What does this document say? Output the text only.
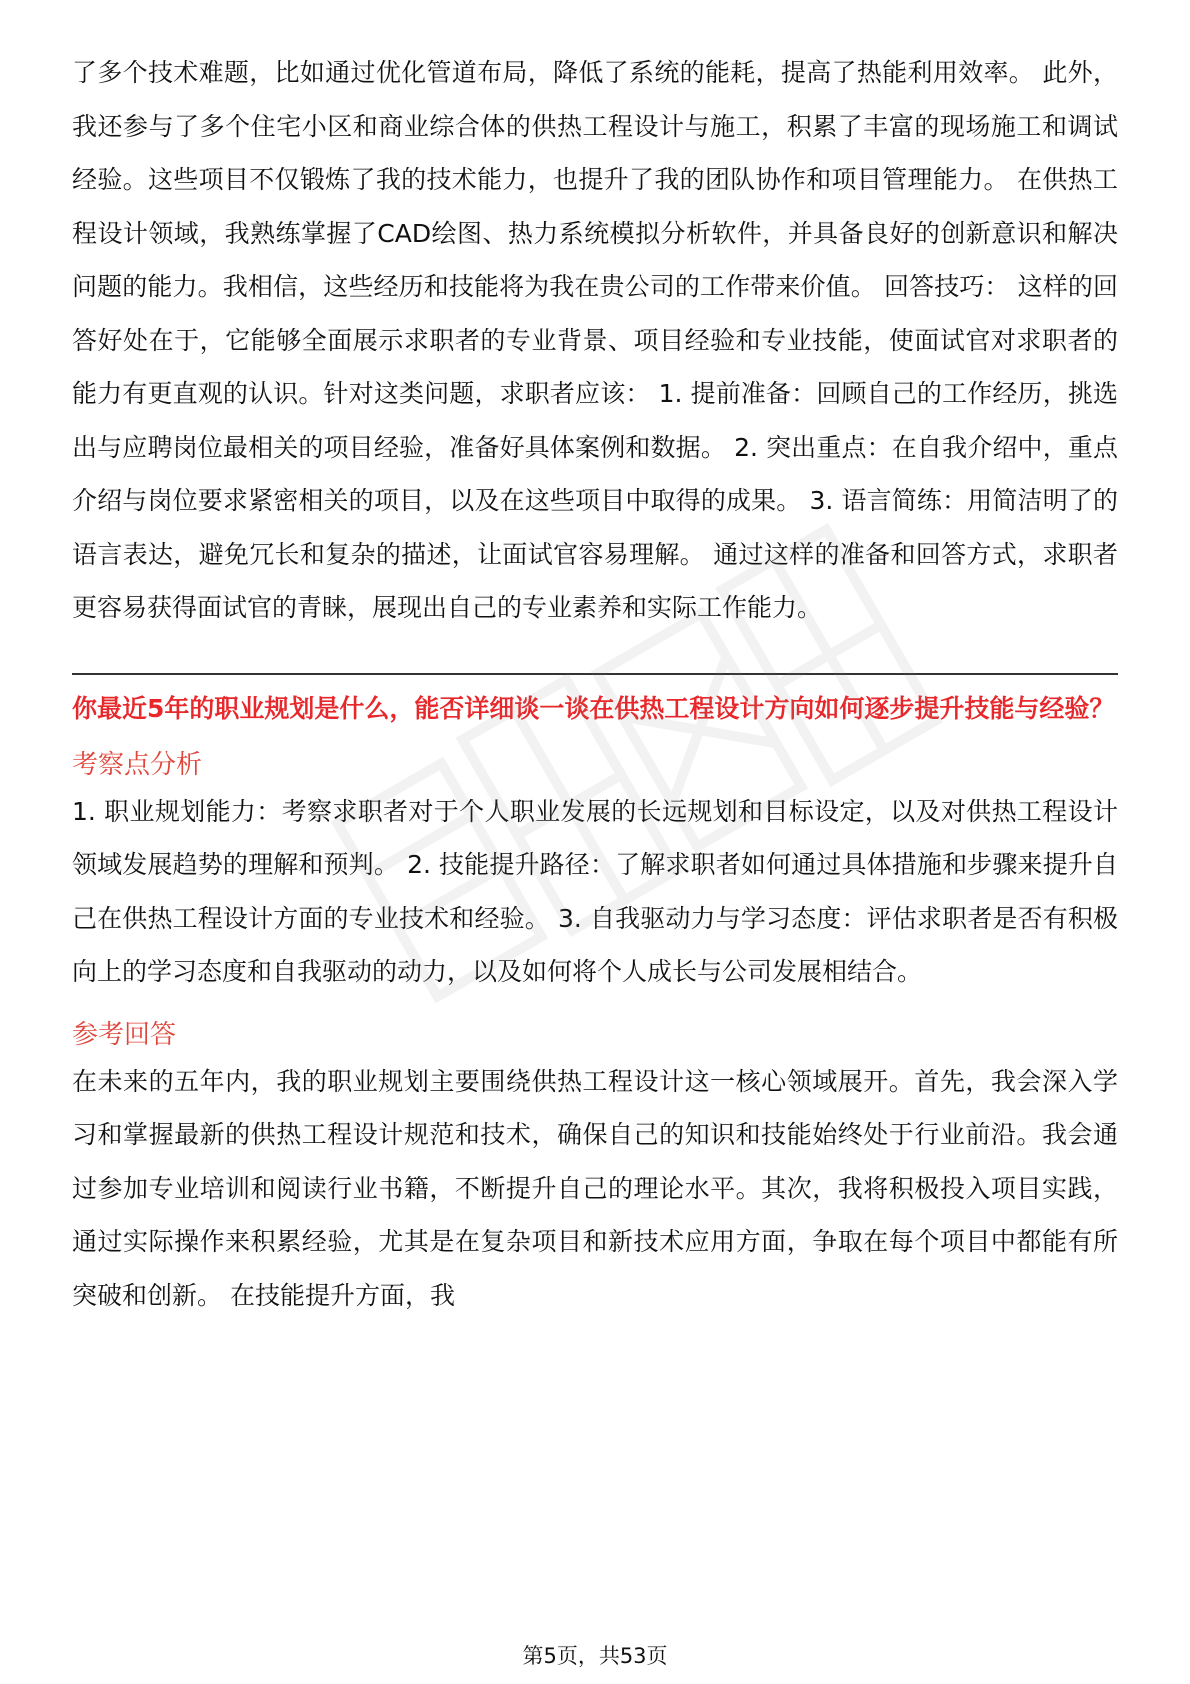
了多个技术难题，比如通过优化管道布局，降低了系统的能耗，提高了热能利用效率。 此外，我还参与了多个住宅小区和商业综合体的供热工程设计与施工，积累了丰富的现场施工和调试经验。这些项目不仅锻炼了我的技术能力，也提升了我的团队协作和项目管理能力。 在供热工程设计领域，我熟练掌握了CAD绘图、热力系统模拟分析软件，并具备良好的创新意识和解决问题的能力。我相信，这些经历和技能将为我在贵公司的工作带来价值。 回答技巧： 这样的回答好处在于，它能够全面展示求职者的专业背景、项目经验和专业技能，使面试官对求职者的能力有更直观的认识。针对这类问题，求职者应该： 1. 提前准备：回顾自己的工作经历，挑选出与应聘岗位最相关的项目经验，准备好具体案例和数据。 2. 突出重点：在自我介绍中，重点介绍与岗位要求紧密相关的项目，以及在这些项目中取得的成果。 3. 语言简练：用简洁明了的语言表达，避免冗长和复杂的描述，让面试官容易理解。 通过这样的准备和回答方式，求职者更容易获得面试官的青睐，展现出自己的专业素养和实际工作能力。

你最近5年的职业规划是什么，能否详细谈一谈在供热工程设计方向如何逐步提升技能与经验？

考察点分析

1. 职业规划能力：考察求职者对于个人职业发展的长远规划和目标设定，以及对供热工程设计领域发展趋势的理解和预判。 2. 技能提升路径：了解求职者如何通过具体措施和步骤来提升自己在供热工程设计方面的专业技术和经验。 3. 自我驱动力与学习态度：评估求职者是否有积极向上的学习态度和自我驱动的动力，以及如何将个人成长与公司发展相结合。

参考回答

在未来的五年内，我的职业规划主要围绕供热工程设计这一核心领域展开。首先，我会深入学习和掌握最新的供热工程设计规范和技术，确保自己的知识和技能始终处于行业前沿。我会通过参加专业培训和阅读行业书籍，不断提升自己的理论水平。其次，我将积极投入项目实践，通过实际操作来积累经验，尤其是在复杂项目和新技术应用方面，争取在每个项目中都能有所突破和创新。 在技能提升方面，我

第5页，共53页
